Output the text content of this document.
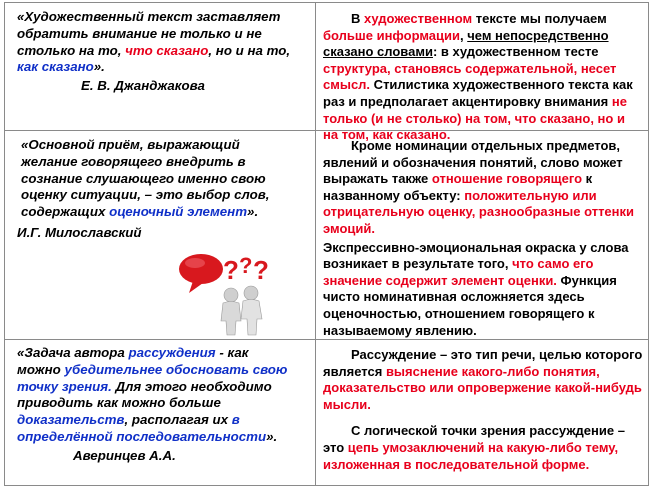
«Художественный текст заставляет обратить внимание не только и не столько на то, что сказано, но и на то, как сказано».

Е. В. Джанджакова

В художественном тексте мы получаем больше информации, чем непосредственно сказано словами: в художественном тесте структура, становясь содержательной, несет смысл. Стилистика художественного текста как раз и предполагает акцентировку внимания не только (и не столько) на том, что сказано, но и на том, как сказано.

«Основной приём, выражающий желание говорящего внедрить в сознание слушающего именно свою оценку ситуации, – это выбор слов, содержащих оценочный элемент».

И.Г. Милославский
? ? ?

Кроме номинации отдельных предметов, явлений и обозначения понятий, слово может выражать также отношение говорящего к названному объекту: положительную или отрицательную оценку, разнообразные оттенки эмоций.

Экспрессивно-эмоциональная окраска у слова возникает в результате того, что само его значение содержит элемент оценки. Функция чисто номинативная осложняется здесь оценочностью, отношением говорящего к называемому явлению.

«Задача автора рассуждения - как можно убедительнее обосновать свою точку зрения. Для этого необходимо приводить как можно больше доказательств, располагая их в определённой последовательности».

Аверинцев А.А.

Рассуждение – это тип речи, целью которого является выяснение какого-либо понятия, доказательство или опровержение какой-нибудь мысли.

С логической точки зрения рассуждение – это цепь умозаключений на какую-либо тему, изложенная в последовательной форме.
